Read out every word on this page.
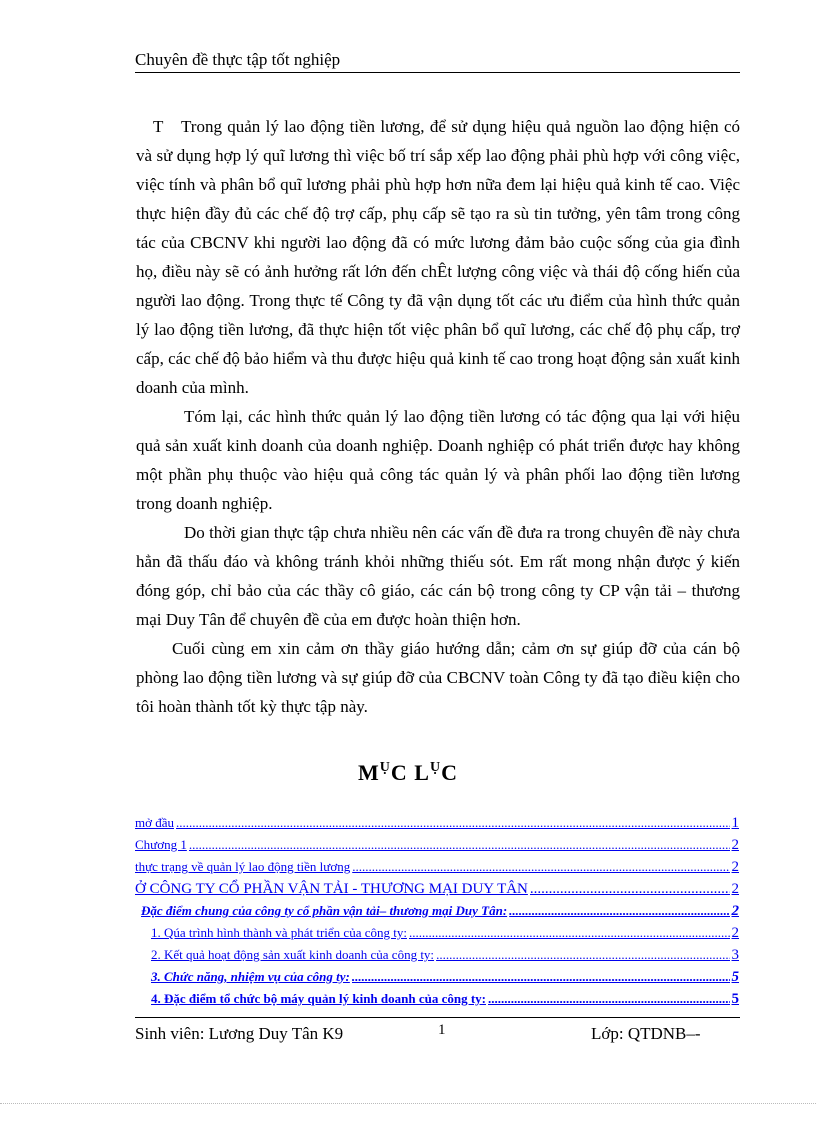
Chuyên đề thực tập tốt nghiệp

T Trong quản lý lao động tiền lương, để sử dụng hiệu quả nguồn lao động hiện có và sử dụng hợp lý quĩ lương thì việc bố trí sắp xếp lao động phải phù hợp với công việc, việc tính và phân bổ quĩ lương phải phù hợp hơn nữa đem lại hiệu quả kinh tế cao. Việc thực hiện đầy đủ các chế độ trợ cấp, phụ cấp sẽ tạo ra sù tin tưởng, yên tâm trong công tác của CBCNV khi người lao động đã có mức lương đảm bảo cuộc sống của gia đình họ, điều này sẽ có ảnh hưởng rất lớn đến chÊt lượng công việc và thái độ cống hiến của người lao động. Trong thực tế Công ty đã vận dụng tốt các ưu điểm của hình thức quản lý lao động tiền lương, đã thực hiện tốt việc phân bổ quĩ lương, các chế độ phụ cấp, trợ cấp, các chế độ bảo hiểm và thu được hiệu quả kinh tế cao trong hoạt động sản xuất kinh doanh của mình.

Tóm lại, các hình thức quản lý lao động tiền lương có tác động qua lại với hiệu quả sản xuất kinh doanh của doanh nghiệp. Doanh nghiệp có phát triển được hay không một phần phụ thuộc vào hiệu quả công tác quản lý và phân phối lao động tiền lương trong doanh nghiệp.

Do thời gian thực tập chưa nhiều nên các vấn đề đưa ra trong chuyên đề này chưa hẳn đã thấu đáo và không tránh khỏi những thiếu sót. Em rất mong nhận được ý kiến đóng góp, chỉ bảo của các thầy cô giáo, các cán bộ trong công ty CP vận tải – thương mại Duy Tân để chuyên đề của em được hoàn thiện hơn.

Cuối cùng em xin cảm ơn thầy giáo hướng dẫn; cảm ơn sự giúp đỡ của cán bộ phòng lao động tiền lương và sự giúp đỡ của CBCNV toàn Công ty đã tạo điều kiện cho tôi hoàn thành tốt kỳ thực tập này.

$M^ỤC$ $L^ỤC$
mở đầu .....	1
Chương 1 .....	2
thực trạng về quản lý lao động tiền lương .....	2
Ở CÔNG TY CỔ PHẦN VẬN TẢI - THƯƠNG MẠI DUY TÂN .....	2
Đặc điểm chung của công ty cổ phần vận tải– thương mại Duy Tân: .....	2
1. Qúa trình hình thành và phát triển của công ty: .....	2
2. Kết quả hoạt động sản xuất kinh doanh của công ty: .....	3
3. Chức năng, nhiệm vụ của công ty: .....	5
4. Đặc điểm tổ chức bộ máy quản lý kinh doanh của công ty: .....	5
Sinh viên: Lương Duy Tân K9	1	Lớp: QTDNB–-
